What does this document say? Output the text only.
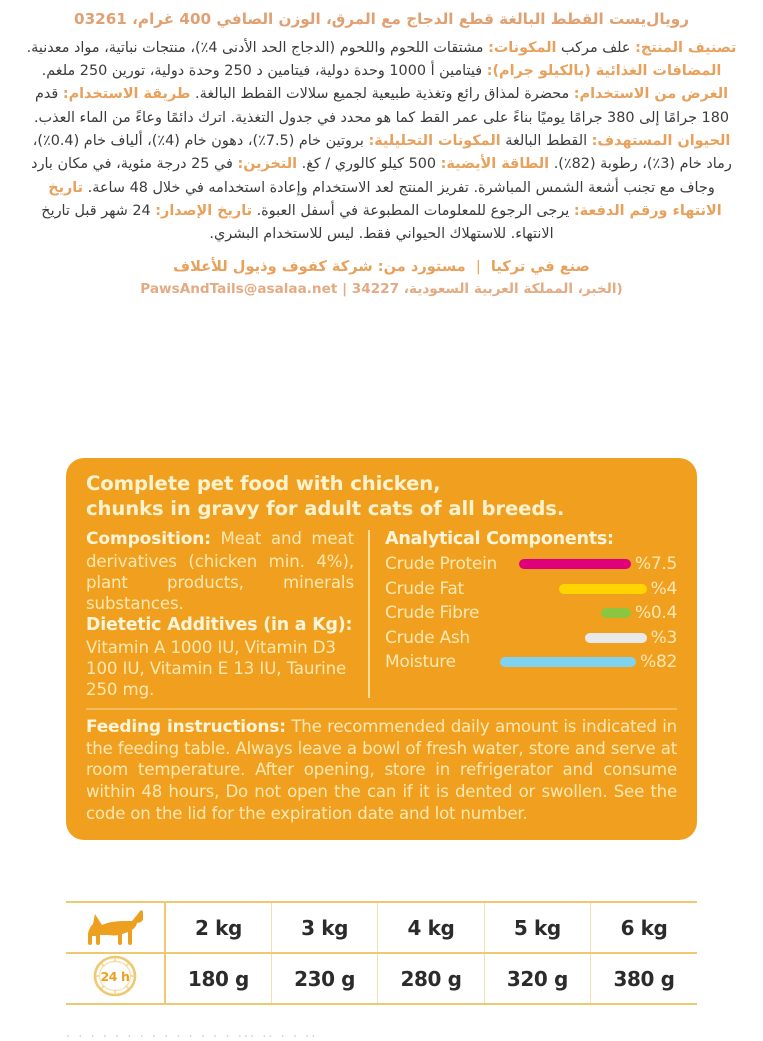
رويال‌يست القطط البالغة قطع الدجاج مع المرق، الوزن الصافي 400 غرام، 03261
تصنيف المنتج: علف مركب المكونات: مشتقات اللحوم واللحوم (الدجاج الحد الأدنى 4٪)، منتجات نباتية، مواد معدنية. المضافات الغذائية (بالكيلو جرام): فيتامين أ 1000 وحدة دولية، فيتامين د 250 وحدة دولية، تورين 250 ملغم. الغرض من الاستخدام: محضرة لمذاق رائع وتغذية طبيعية لجميع سلالات القطط البالغة. طريقة الاستخدام: قدم 180 جرامًا إلى 380 جرامًا يوميًا بناءً على عمر القط كما هو محدد في جدول التغذية. اترك دائمًا وعاءً من الماء العذب. الحيوان المستهدف: القطط البالغة المكونات التحليلية: بروتين خام (7.5٪)، دهون خام (4٪)، ألياف خام (0.4٪)، رماد خام (3٪)، رطوبة (82٪). الطاقة الأيضية: 500 كيلو كالوري / كغ. التخزين: في 25 درجة مئوية، في مكان بارد وجاف مع تجنب أشعة الشمس المباشرة. تفريز المنتج لعد الاستخدام وإعادة استخدامه في خلال 48 ساعة. تاريخ الانتهاء ورقم الدفعة: يرجى الرجوع للمعلومات المطبوعة في أسفل العبوة. تاريخ الإصدار: 24 شهر قبل تاريخ الانتهاء. للاستهلاك الحيواني فقط. ليس للاستخدام البشري.
صنع في تركيا | مستورد من: شركة كفوف وذيول للأعلاف
(الخبر، المملكة العربية السعودية، 34227 | PawsAndTails@asalaa.net
Complete pet food with chicken,
chunks in gravy for adult cats of all breeds.
Composition: Meat and meat derivatives (chicken min. 4%), plant products, minerals substances.
Dietetic Additives (in a Kg):
Vitamin A 1000 IU, Vitamin D3 100 IU, Vitamin E 13 IU, Taurine 250 mg.
Analytical Components:
Crude Protein	%7.5
Crude Fat	%4
Crude Fibre	%0.4
Crude Ash	%3
Moisture	%82
Feeding instructions: The recommended daily amount is indicated in the feeding table. Always leave a bowl of fresh water, store and serve at room temperature. After opening, store in refrigerator and consume within 48 hours, Do not open the can if it is dented or swollen. See the code on the lid for the expiration date and lot number.
	2 kg	3 kg	4 kg	5 kg	6 kg

24 h	180 g	230 g	280 g	320 g	380 g
· · · · · · · · · · · · · · ··· ·· · · ··
